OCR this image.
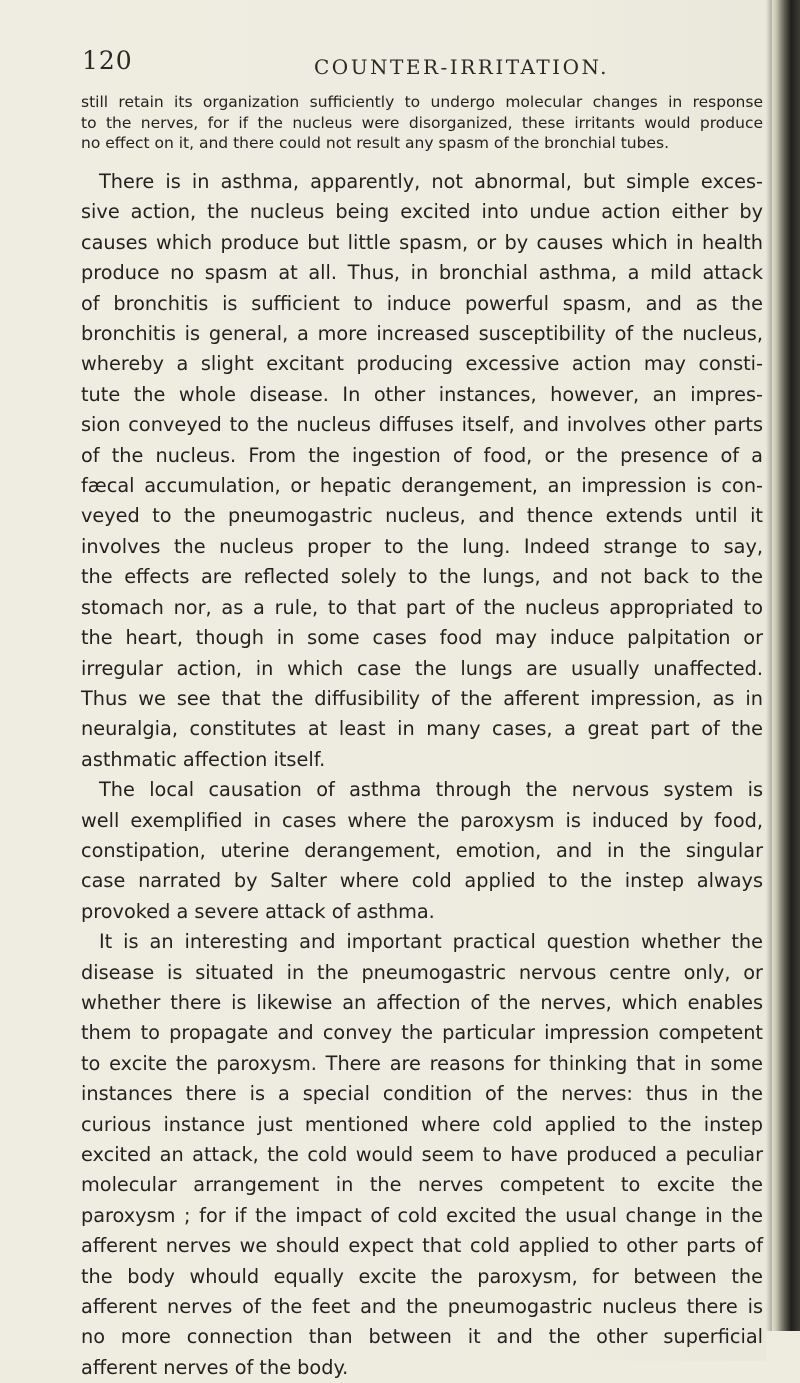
120	COUNTER-IRRITATION.
still retain its organization sufficiently to undergo molecular changes in response
to the nerves, for if the nucleus were disorganized, these irritants would produce
no effect on it, and there could not result any spasm of the bronchial tubes.
There is in asthma, apparently, not abnormal, but simple exces-
sive action, the nucleus being excited into undue action either by
causes which produce but little spasm, or by causes which in health
produce no spasm at all. Thus, in bronchial asthma, a mild attack
of bronchitis is sufficient to induce powerful spasm, and as the
bronchitis is general, a more increased susceptibility of the nucleus,
whereby a slight excitant producing excessive action may consti-
tute the whole disease. In other instances, however, an impres-
sion conveyed to the nucleus diffuses itself, and involves other parts
of the nucleus. From the ingestion of food, or the presence of a
fæcal accumulation, or hepatic derangement, an impression is con-
veyed to the pneumogastric nucleus, and thence extends until it
involves the nucleus proper to the lung. Indeed strange to say,
the effects are reflected solely to the lungs, and not back to the
stomach nor, as a rule, to that part of the nucleus appropriated to
the heart, though in some cases food may induce palpitation or
irregular action, in which case the lungs are usually unaffected.
Thus we see that the diffusibility of the afferent impression, as in
neuralgia, constitutes at least in many cases, a great part of the
asthmatic affection itself.
The local causation of asthma through the nervous system is
well exemplified in cases where the paroxysm is induced by food,
constipation, uterine derangement, emotion, and in the singular
case narrated by Salter where cold applied to the instep always
provoked a severe attack of asthma.
It is an interesting and important practical question whether the
disease is situated in the pneumogastric nervous centre only, or
whether there is likewise an affection of the nerves, which enables
them to propagate and convey the particular impression competent
to excite the paroxysm. There are reasons for thinking that in some
instances there is a special condition of the nerves: thus in the
curious instance just mentioned where cold applied to the instep
excited an attack, the cold would seem to have produced a peculiar
molecular arrangement in the nerves competent to excite the
paroxysm ; for if the impact of cold excited the usual change in the
afferent nerves we should expect that cold applied to other parts of
the body whould equally excite the paroxysm, for between the
afferent nerves of the feet and the pneumogastric nucleus there is
no more connection than between it and the other superficial
afferent nerves of the body.
